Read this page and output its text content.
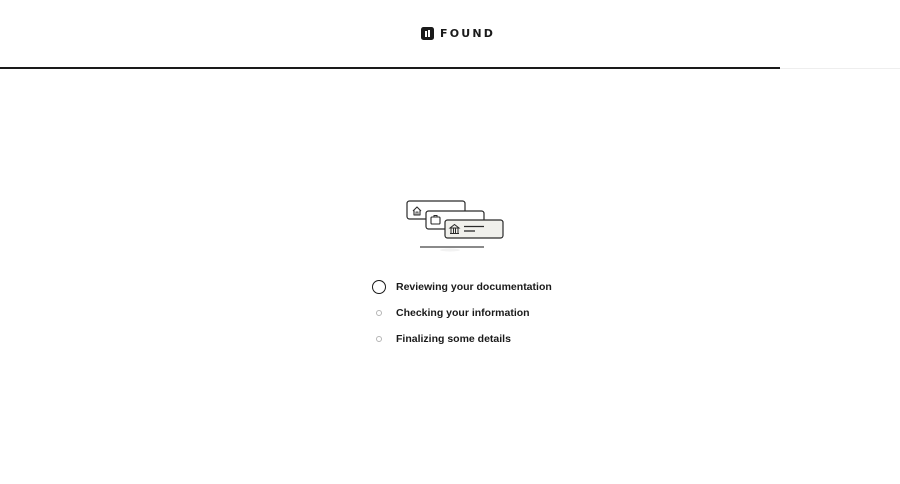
FOUND
Reviewing your documentation
Checking your information
Finalizing some details
